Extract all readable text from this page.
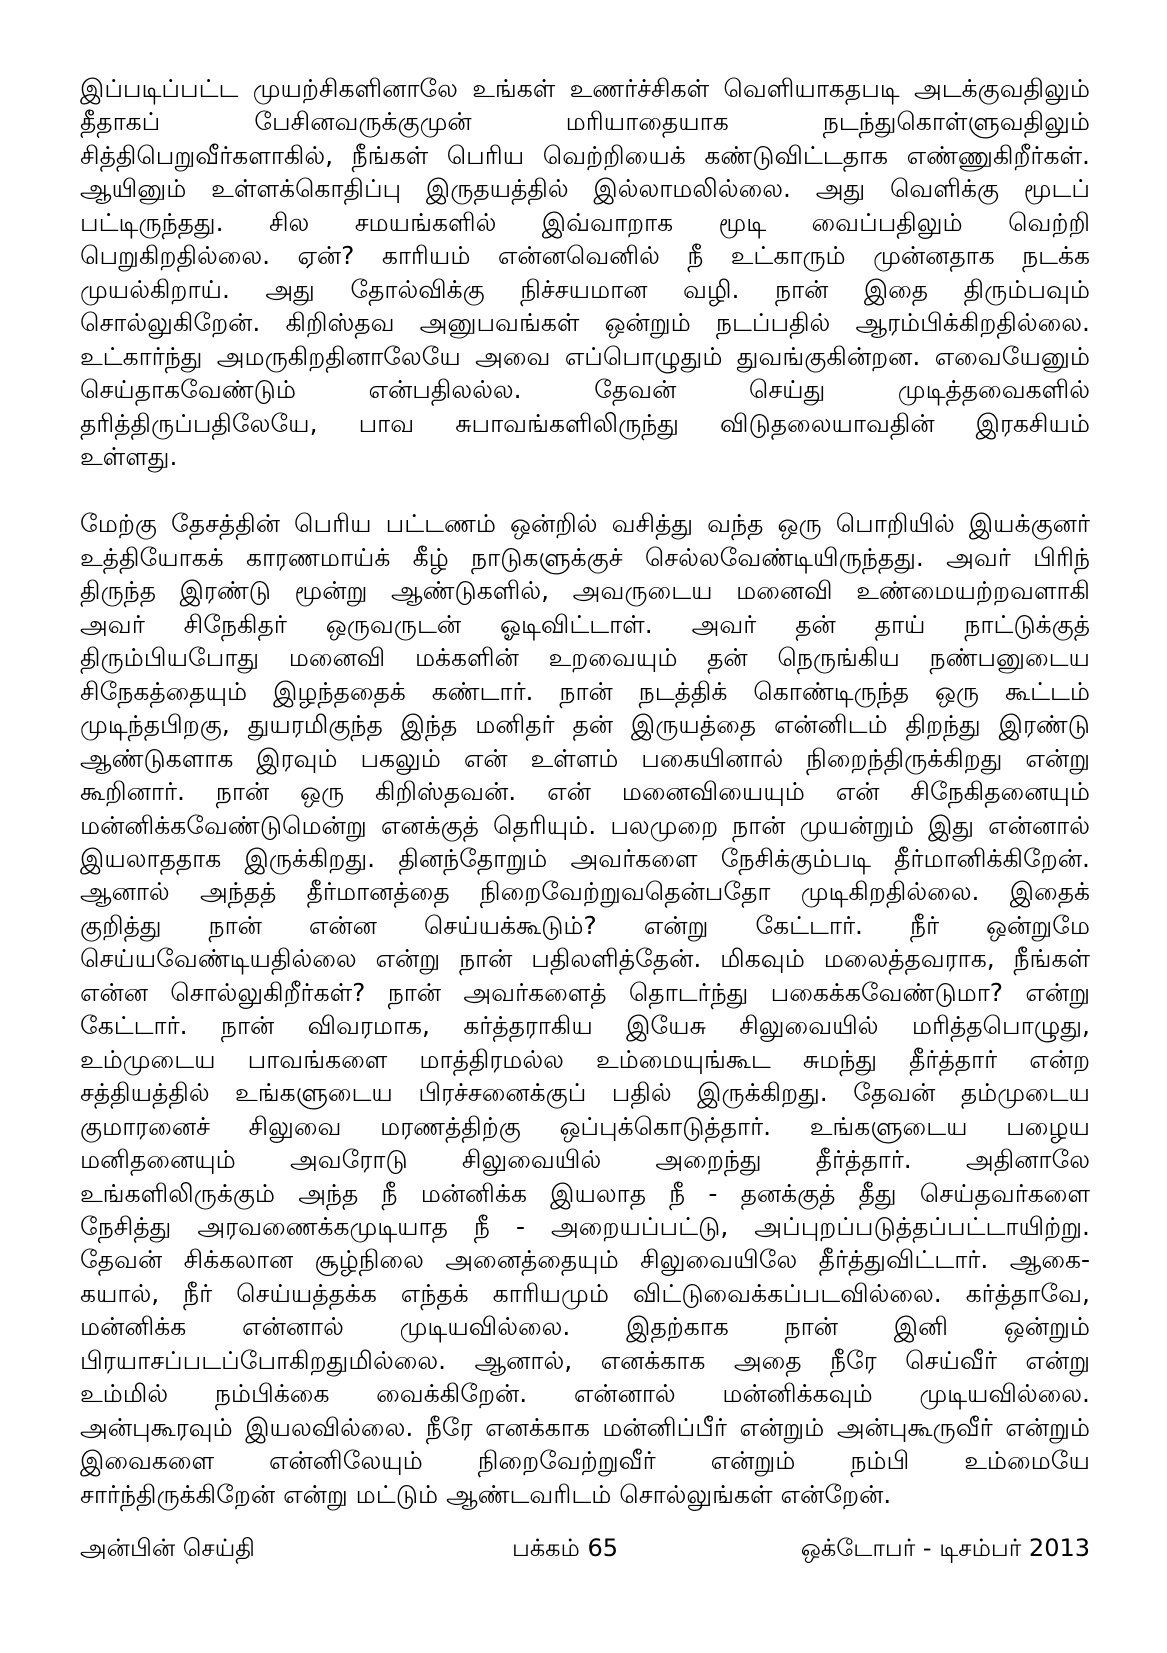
இப்படிப்பட்ட முயற்சிகளினாலே உங்கள் உணர்ச்சிகள் வெளியாகதபடி அடக்குவதிலும்
தீதாகப் பேசினவருக்குமுன் மரியாதையாக நடந்துகொள்ளுவதிலும்
சித்திபெறுவீர்களாகில், நீங்கள் பெரிய வெற்றியைக் கண்டுவிட்டதாக எண்ணுகிறீர்கள்.
ஆயினும் உள்ளக்கொதிப்பு இருதயத்தில் இல்லாமலில்லை. அது வெளிக்கு மூடப்
பட்டிருந்தது. சில சமயங்களில் இவ்வாறாக மூடி வைப்பதிலும் வெற்றி
பெறுகிறதில்லை. ஏன்? காரியம் என்னவெனில் நீ உட்காரும் முன்னதாக நடக்க
முயல்கிறாய். அது தோல்விக்கு நிச்சயமான வழி. நான் இதை திரும்பவும்
சொல்லுகிறேன். கிறிஸ்தவ அனுபவங்கள் ஒன்றும் நடப்பதில் ஆரம்பிக்கிறதில்லை.
உட்கார்ந்து அமருகிறதினாலேயே அவை எப்பொழுதும் துவங்குகின்றன. எவையேனும்
செய்தாகவேண்டும் என்பதிலல்ல. தேவன் செய்து முடித்தவைகளில்
தரித்திருப்பதிலேயே, பாவ சுபாவங்களிலிருந்து விடுதலையாவதின் இரகசியம்
உள்ளது.
மேற்கு தேசத்தின் பெரிய பட்டணம் ஒன்றில் வசித்து வந்த ஒரு பொறியில் இயக்குனர்
உத்தியோகக் காரணமாய்க் கீழ் நாடுகளுக்குச் செல்லவேண்டியிருந்தது. அவர் பிரிந்
திருந்த இரண்டு மூன்று ஆண்டுகளில், அவருடைய மனைவி உண்மையற்றவளாகி
அவர் சிநேகிதர் ஒருவருடன் ஓடிவிட்டாள். அவர் தன் தாய் நாட்டுக்குத்
திரும்பியபோது மனைவி மக்களின் உறவையும் தன் நெருங்கிய நண்பனுடைய
சிநேகத்தையும் இழந்ததைக் கண்டார். நான் நடத்திக் கொண்டிருந்த ஒரு கூட்டம்
முடிந்தபிறகு, துயரமிகுந்த இந்த மனிதர் தன் இருயத்தை என்னிடம் திறந்து இரண்டு
ஆண்டுகளாக இரவும் பகலும் என் உள்ளம் பகையினால் நிறைந்திருக்கிறது என்று
கூறினார். நான் ஒரு கிறிஸ்தவன். என் மனைவியையும் என் சிநேகிதனையும்
மன்னிக்கவேண்டுமென்று எனக்குத் தெரியும். பலமுறை நான் முயன்றும் இது என்னால்
இயலாததாக இருக்கிறது. தினந்தோறும் அவர்களை நேசிக்கும்படி தீர்மானிக்கிறேன்.
ஆனால் அந்தத் தீர்மானத்தை நிறைவேற்றுவதென்பதோ முடிகிறதில்லை. இதைக்
குறித்து நான் என்ன செய்யக்கூடும்? என்று கேட்டார். நீர் ஒன்றுமே
செய்யவேண்டியதில்லை என்று நான் பதிலளித்தேன். மிகவும் மலைத்தவராக, நீங்கள்
என்ன சொல்லுகிறீர்கள்? நான் அவர்களைத் தொடர்ந்து பகைக்கவேண்டுமா? என்று
கேட்டார். நான் விவரமாக, கர்த்தராகிய இயேசு சிலுவையில் மரித்தபொழுது,
உம்முடைய பாவங்களை மாத்திரமல்ல உம்மையுங்கூட சுமந்து தீர்த்தார் என்ற
சத்தியத்தில் உங்களுடைய பிரச்சனைக்குப் பதில் இருக்கிறது. தேவன் தம்முடைய
குமாரனைச் சிலுவை மரணத்திற்கு ஒப்புக்கொடுத்தார். உங்களுடைய பழைய
மனிதனையும் அவரோடு சிலுவையில் அறைந்து தீர்த்தார். அதினாலே
உங்களிலிருக்கும் அந்த நீ மன்னிக்க இயலாத நீ - தனக்குத் தீது செய்தவர்களை
நேசித்து அரவணைக்கமுடியாத நீ - அறையப்பட்டு, அப்புறப்படுத்தப்பட்டாயிற்று.
தேவன் சிக்கலான சூழ்நிலை அனைத்தையும் சிலுவையிலே தீர்த்துவிட்டார். ஆகை-
கயால், நீர் செய்யத்தக்க எந்தக் காரியமும் விட்டுவைக்கப்படவில்லை. கர்த்தாவே,
மன்னிக்க என்னால் முடியவில்லை. இதற்காக நான் இனி ஒன்றும்
பிரயாசப்படப்போகிறதுமில்லை. ஆனால், எனக்காக அதை நீரே செய்வீர் என்று
உம்மில் நம்பிக்கை வைக்கிறேன். என்னால் மன்னிக்கவும் முடியவில்லை.
அன்புகூரவும் இயலவில்லை. நீரே எனக்காக மன்னிப்பீர் என்றும் அன்புகூருவீர் என்றும்
இவைகளை என்னிலேயும் நிறைவேற்றுவீர் என்றும் நம்பி உம்மையே
சார்ந்திருக்கிறேன் என்று மட்டும் ஆண்டவரிடம் சொல்லுங்கள் என்றேன்.
அன்பின் செய்தி	பக்கம் 65	ஒக்டோபர் - டிசம்பர் 2013
